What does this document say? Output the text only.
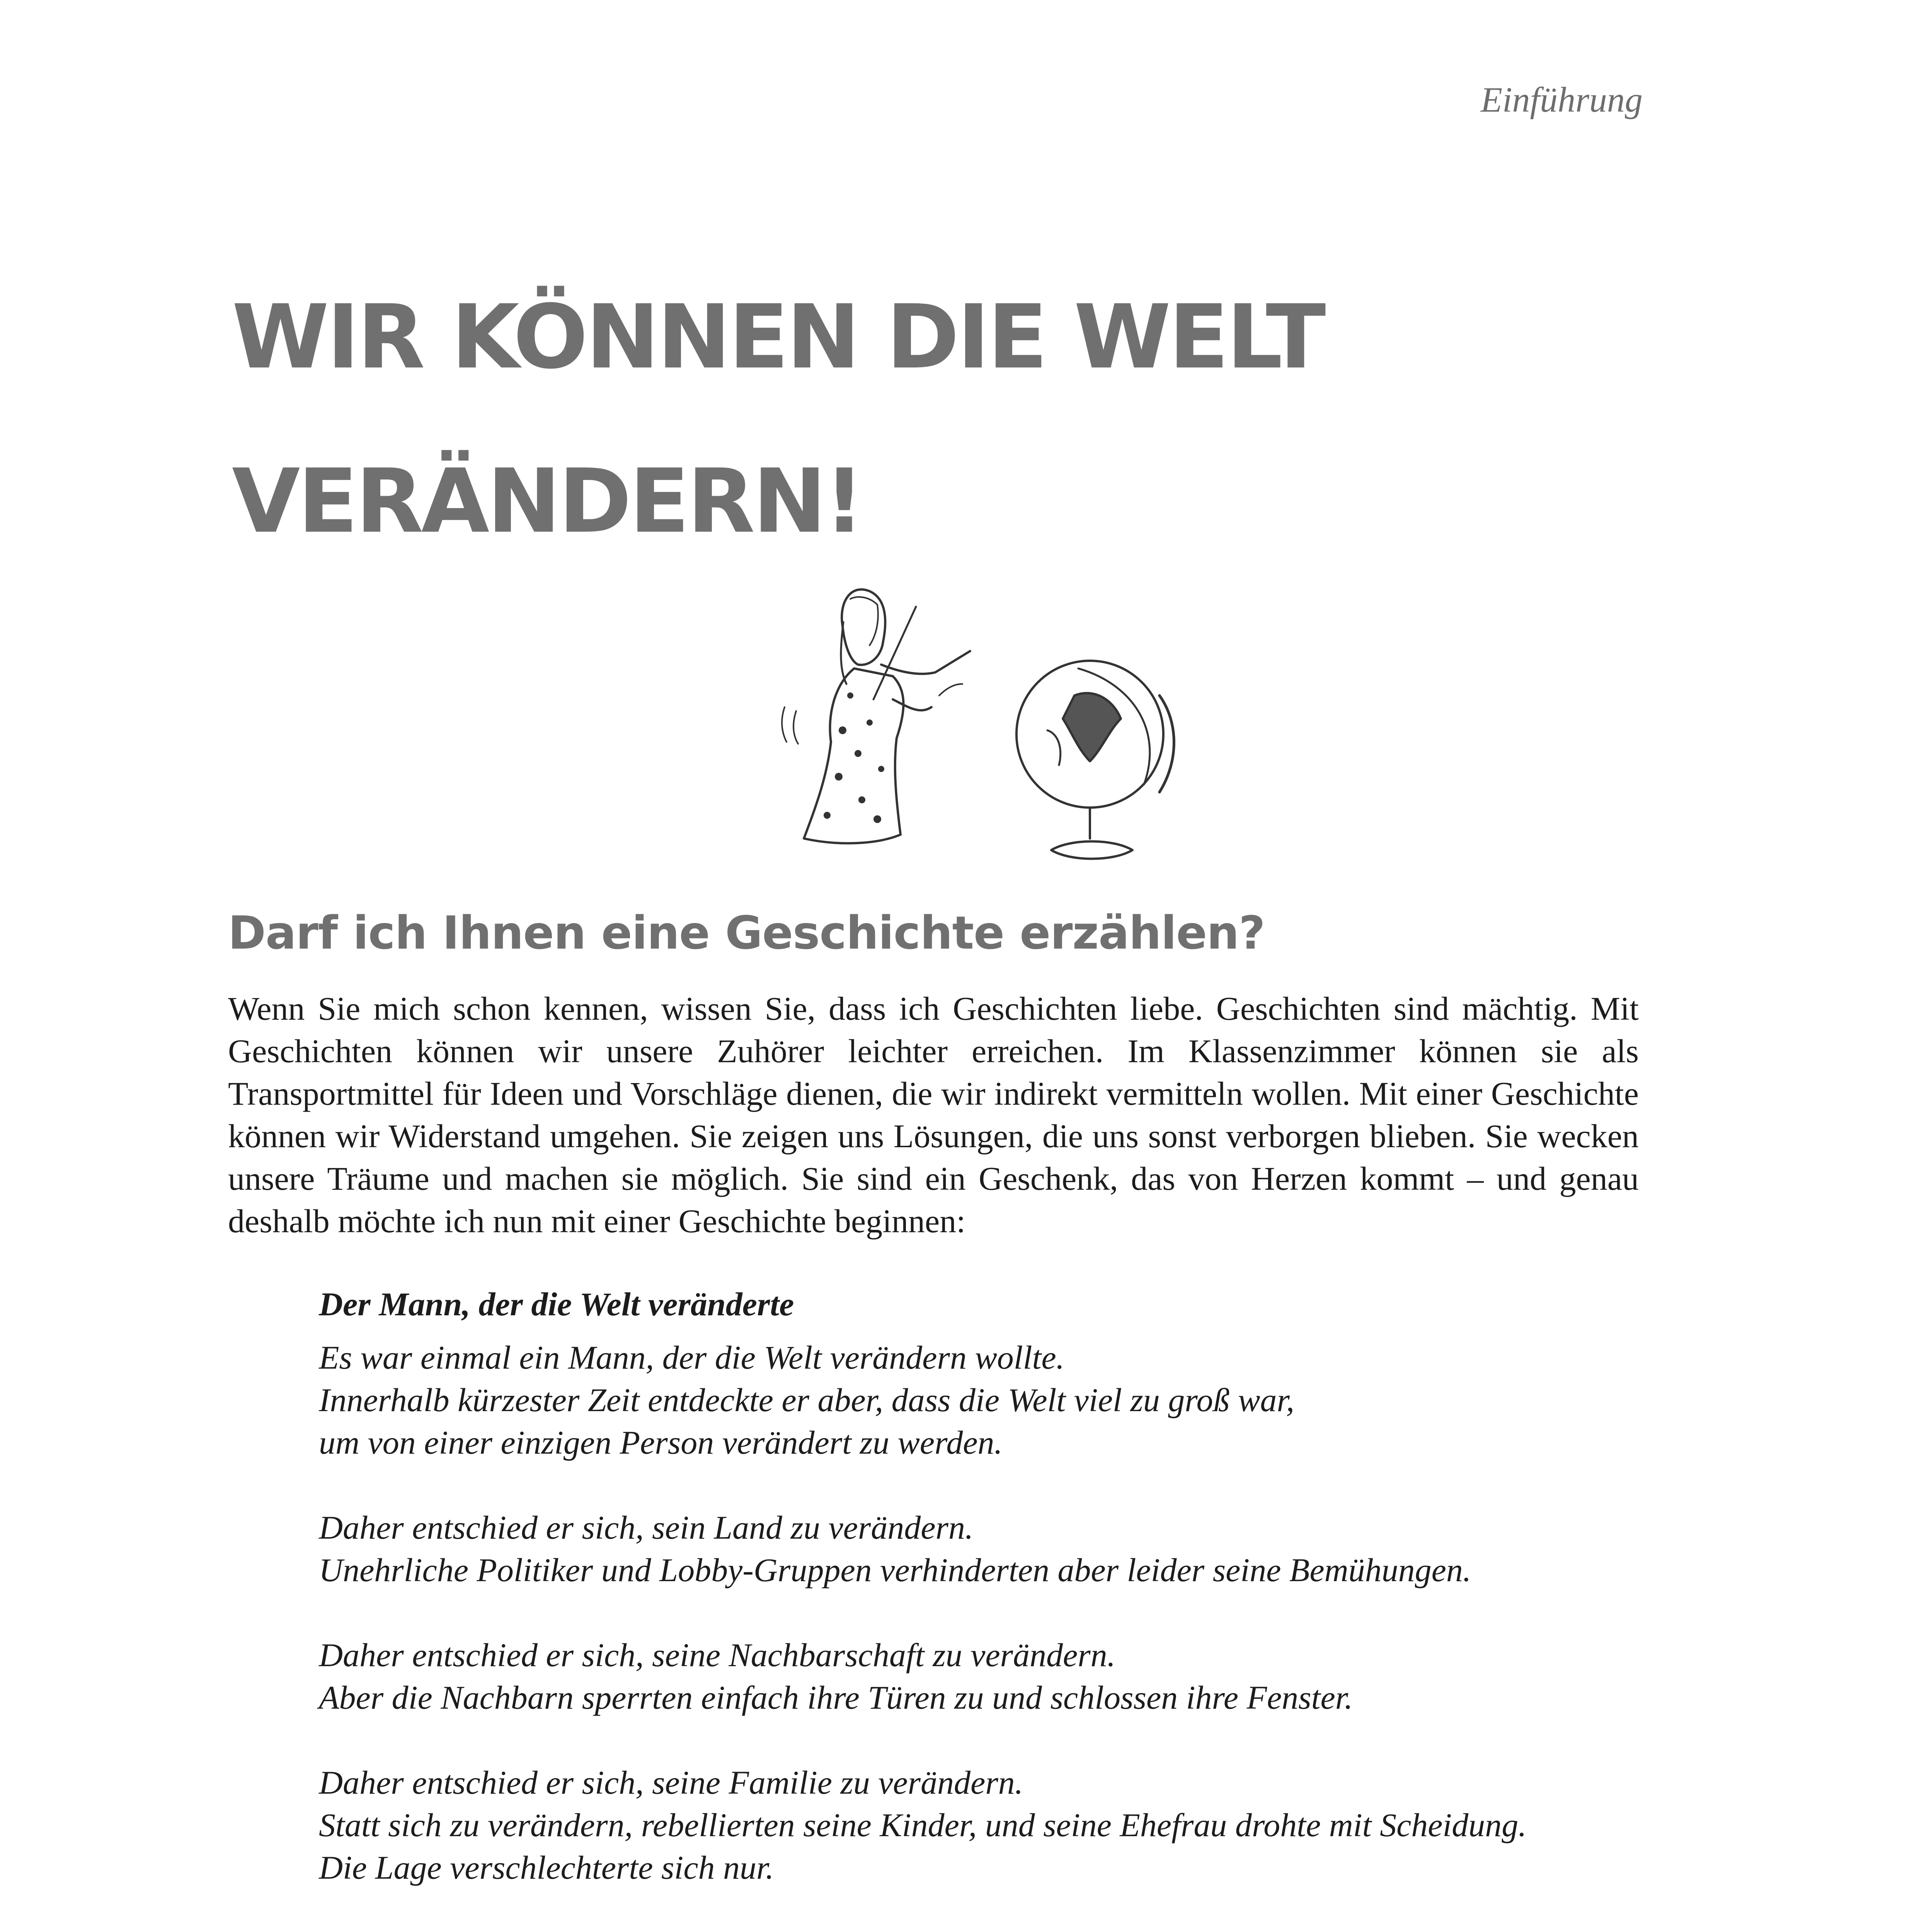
Einführung
WIR KÖNNEN DIE WELT
VERÄNDERN!
Darf ich Ihnen eine Geschichte erzählen?

Wenn Sie mich schon kennen, wissen Sie, dass ich Geschichten liebe. Geschichten sind mächtig. Mit Geschichten können wir unsere Zuhörer leichter erreichen. Im Klassenzimmer können sie als Transportmittel für Ideen und Vorschläge dienen, die wir indirekt vermitteln wollen. Mit einer Geschichte können wir Widerstand umgehen. Sie zeigen uns Lösungen, die uns sonst verborgen blieben. Sie wecken unsere Träume und machen sie möglich. Sie sind ein Geschenk, das von Herzen kommt – und genau deshalb möchte ich nun mit einer Geschichte beginnen:

Der Mann, der die Welt veränderte

Es war einmal ein Mann, der die Welt verändern wollte.
Innerhalb kürzester Zeit entdeckte er aber, dass die Welt viel zu groß war,
um von einer einzigen Person verändert zu werden.

Daher entschied er sich, sein Land zu verändern.
Unehrliche Politiker und Lobby-Gruppen verhinderten aber leider seine Bemühungen.

Daher entschied er sich, seine Nachbarschaft zu verändern.
Aber die Nachbarn sperrten einfach ihre Türen zu und schlossen ihre Fenster.

Daher entschied er sich, seine Familie zu verändern.
Statt sich zu verändern, rebellierten seine Kinder, und seine Ehefrau drohte mit Scheidung.
Die Lage verschlechterte sich nur.
